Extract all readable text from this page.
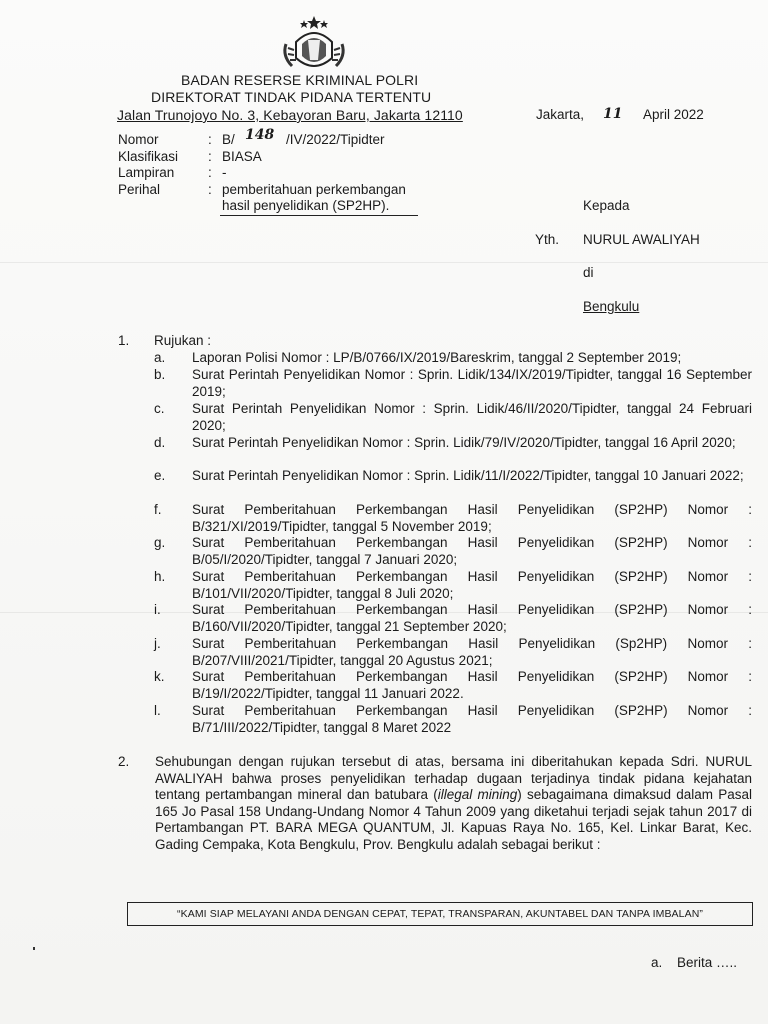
BADAN RESERSE KRIMINAL POLRI
DIREKTORAT TINDAK PIDANA TERTENTU
Jalan Trunojoyo No. 3, Kebayoran Baru, Jakarta 12110	Jakarta, 11 April 2022
Nomor	: B/ 148 /IV/2022/Tipidter
Klasifikasi : BIASA
Lampiran : -
Perihal	: pemberitahuan perkembangan
hasil penyelidikan (SP2HP).	Kepada
Yth. NURUL AWALIYAH
di
Bengkulu
1. Rujukan :
a.	Laporan Polisi Nomor : LP/B/0766/IX/2019/Bareskrim, tanggal 2 September 2019;
b.	Surat Perintah Penyelidikan Nomor : Sprin. Lidik/134/IX/2019/Tipidter, tanggal 16 September 2019;
c.	Surat Perintah Penyelidikan Nomor : Sprin. Lidik/46/II/2020/Tipidter, tanggal 24 Februari 2020;
d.	Surat Perintah Penyelidikan Nomor : Sprin. Lidik/79/IV/2020/Tipidter, tanggal 16 April 2020;
e.	Surat Perintah Penyelidikan Nomor : Sprin. Lidik/11/I/2022/Tipidter, tanggal 10 Januari 2022;
f.	Surat Pemberitahuan Perkembangan Hasil Penyelidikan (SP2HP) Nomor : B/321/XI/2019/Tipidter, tanggal 5 November 2019;
g.	Surat Pemberitahuan Perkembangan Hasil Penyelidikan (SP2HP) Nomor : B/05/I/2020/Tipidter, tanggal 7 Januari 2020;
h.	Surat Pemberitahuan Perkembangan Hasil Penyelidikan (SP2HP) Nomor : B/101/VII/2020/Tipidter, tanggal 8 Juli 2020;
i.	Surat Pemberitahuan Perkembangan Hasil Penyelidikan (SP2HP) Nomor : B/160/VII/2020/Tipidter, tanggal 21 September 2020;
j.	Surat Pemberitahuan Perkembangan Hasil Penyelidikan (Sp2HP) Nomor : B/207/VIII/2021/Tipidter, tanggal 20 Agustus 2021;
k.	Surat Pemberitahuan Perkembangan Hasil Penyelidikan (SP2HP) Nomor : B/19/I/2022/Tipidter, tanggal 11 Januari 2022.
l.	Surat Pemberitahuan Perkembangan Hasil Penyelidikan (SP2HP) Nomor : B/71/III/2022/Tipidter, tanggal 8 Maret 2022
2. Sehubungan dengan rujukan tersebut di atas, bersama ini diberitahukan kepada Sdri. NURUL AWALIYAH bahwa proses penyelidikan terhadap dugaan terjadinya tindak pidana kejahatan tentang pertambangan mineral dan batubara (illegal mining) sebagaimana dimaksud dalam Pasal 165 Jo Pasal 158 Undang-Undang Nomor 4 Tahun 2009 yang diketahui terjadi sejak tahun 2017 di Pertambangan PT. BARA MEGA QUANTUM, Jl. Kapuas Raya No. 165, Kel. Linkar Barat, Kec. Gading Cempaka, Kota Bengkulu, Prov. Bengkulu adalah sebagai berikut :
“KAMI SIAP MELAYANI ANDA DENGAN CEPAT, TEPAT, TRANSPARAN, AKUNTABEL DAN TANPA IMBALAN”
a. Berita …..
